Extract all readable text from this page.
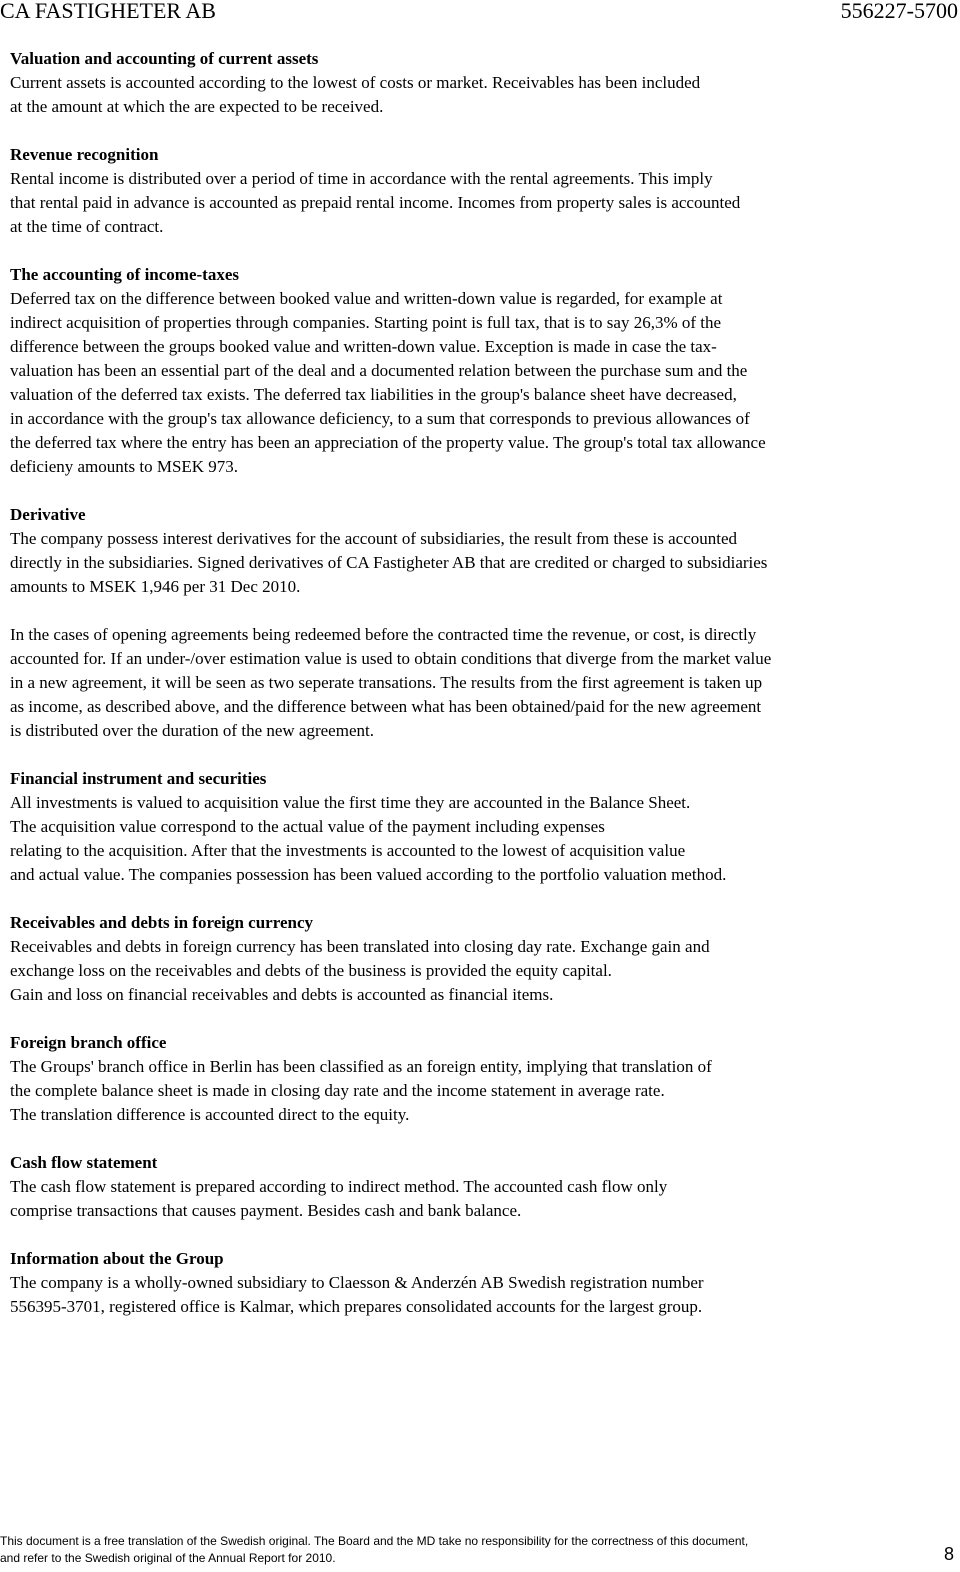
CA FASTIGHETER AB	556227-5700
Valuation and accounting of current assets

Current assets is accounted according to the lowest of costs or market. Receivables has been included

at the amount at which the are expected to be received.

Revenue recognition

Rental income is distributed over a period of time in accordance with the rental agreements. This imply

that rental paid in advance is accounted as prepaid rental income. Incomes from property sales is accounted

at the time of contract.

The accounting of income-taxes

Deferred tax on the difference between booked value and written-down value is regarded, for example at

indirect acquisition of properties through companies. Starting point is full tax, that is to say 26,3% of the

difference between the groups booked value and written-down value. Exception is made in case the tax-

valuation has been an essential part of the deal and a documented relation between the purchase sum and the

valuation of the deferred tax exists. The deferred tax liabilities in the group's balance sheet have decreased,

in accordance with the group's tax allowance deficiency, to a sum that corresponds to previous allowances of

the deferred tax where the entry has been an appreciation of the property value. The group's total tax allowance

deficieny amounts to MSEK 973.

Derivative

The company possess interest derivatives for the account of subsidiaries, the result from these is accounted

directly in the subsidiaries. Signed derivatives of CA Fastigheter AB that are credited or charged to subsidiaries

amounts to MSEK 1,946 per 31 Dec 2010.

In the cases of opening agreements being redeemed before the contracted time the revenue, or cost, is directly

accounted for. If an under-/over estimation value is used to obtain conditions that diverge from the market value

in a new agreement, it will be seen as two seperate transations. The results from the first agreement is taken up

as income, as described above, and the difference between what has been obtained/paid for the new agreement

is distributed over the duration of the new agreement.

Financial instrument and securities

All investments is valued to acquisition value the first time they are accounted in the Balance Sheet.

The acquisition value correspond to the actual value of the payment including expenses

relating to the acquisition. After that the investments is accounted to the lowest of acquisition value

and actual value. The companies possession has been valued according to the portfolio valuation method.

Receivables and debts in foreign currency

Receivables and debts in foreign currency has been translated into closing day rate. Exchange gain and

exchange loss on the receivables and debts of the business is provided the equity capital.

Gain and loss on financial receivables and debts is accounted as financial items.

Foreign branch office

The Groups' branch office in Berlin has been classified as an foreign entity, implying that translation of

the complete balance sheet is made in closing day rate and the income statement in average rate.

The translation difference is accounted direct to the equity.

Cash flow statement

The cash flow statement is prepared according to indirect method. The accounted cash flow only

comprise transactions that causes payment. Besides cash and bank balance.

Information about the Group

The company is a wholly-owned subsidiary to Claesson & Anderzén AB Swedish registration number

556395-3701, registered office is Kalmar, which prepares consolidated accounts for the largest group.

This document is a free translation of the Swedish original. The Board and the MD take no responsibility for the correctness of this document,
and refer to the Swedish original of the Annual Report for 2010.	8
